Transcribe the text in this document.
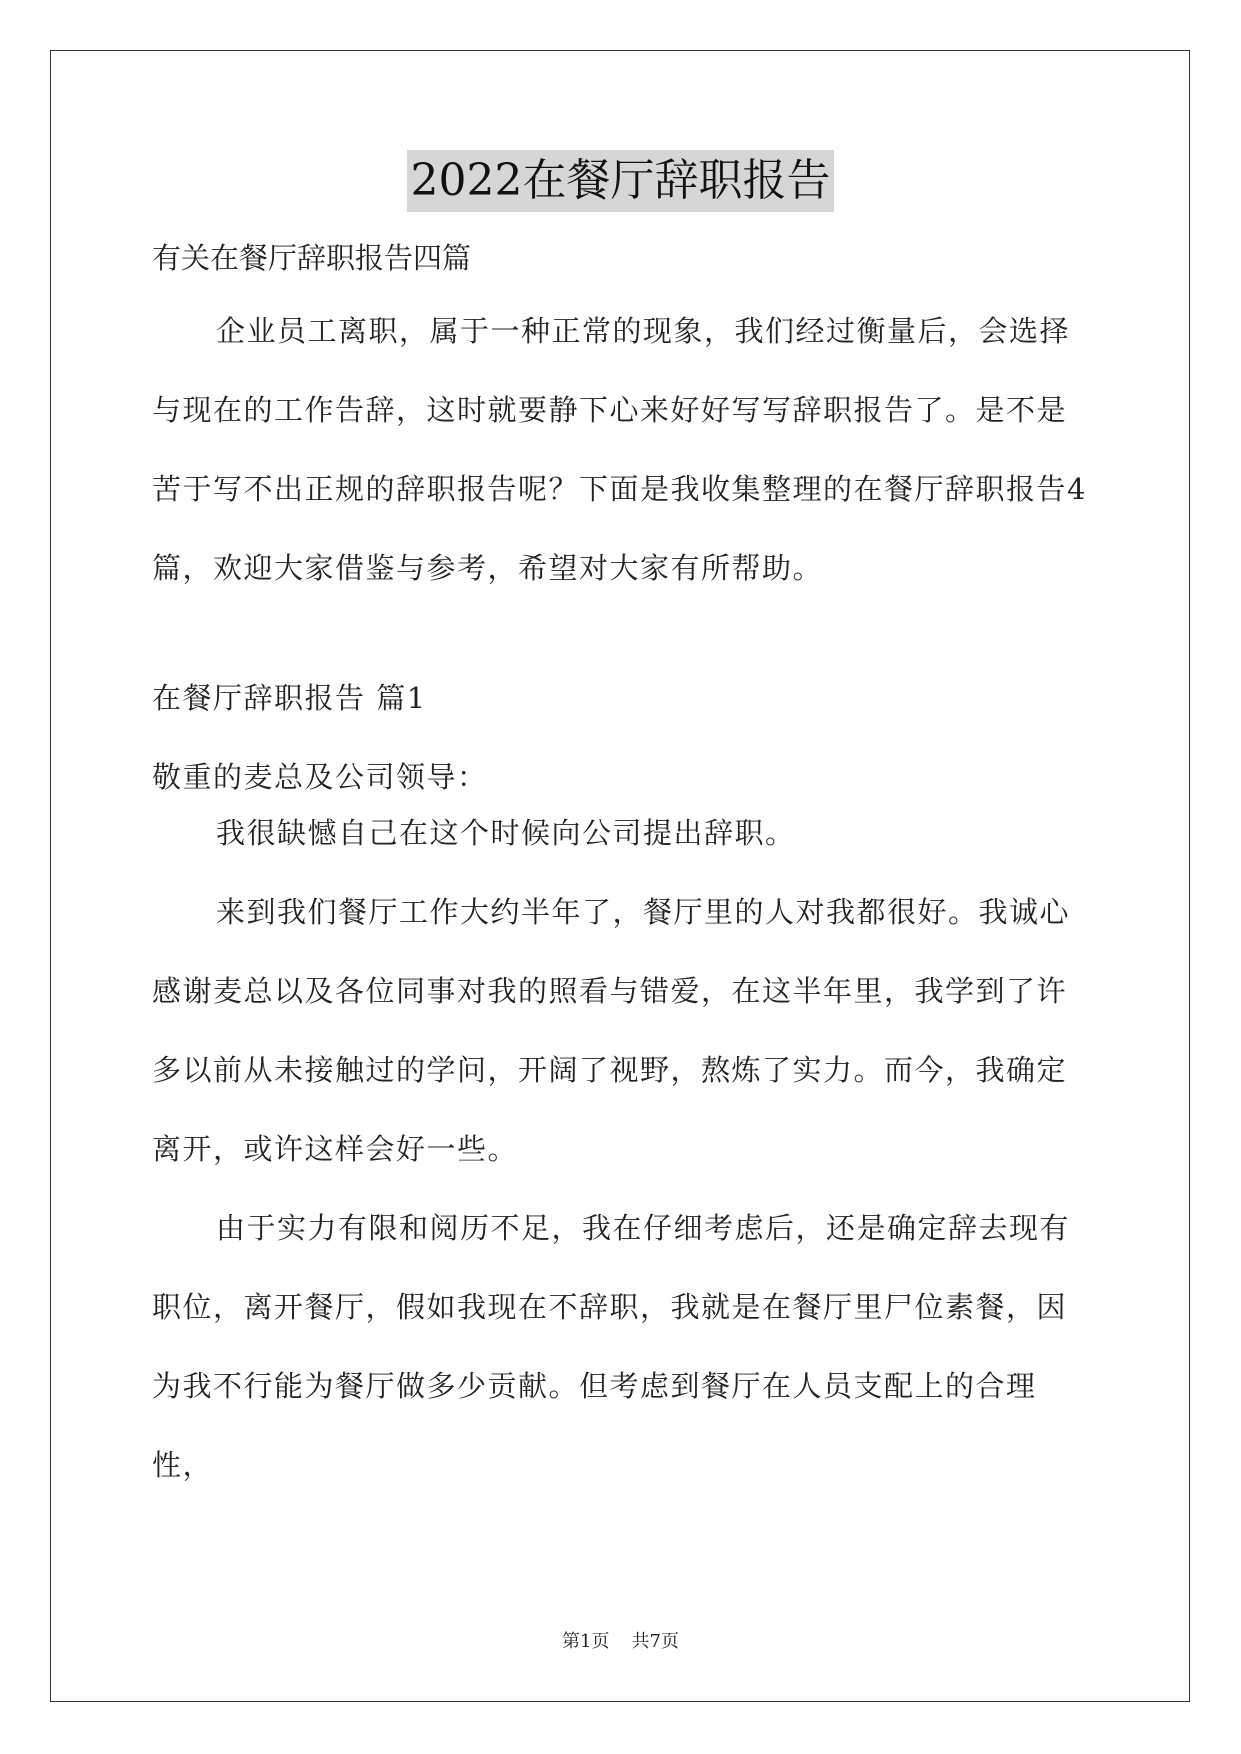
2022在餐厅辞职报告
有关在餐厅辞职报告四篇

企业员工离职，属于一种正常的现象，我们经过衡量后，会选择与现在的工作告辞，这时就要静下心来好好写写辞职报告了。是不是苦于写不出正规的辞职报告呢？下面是我收集整理的在餐厅辞职报告4篇，欢迎大家借鉴与参考，希望对大家有所帮助。

在餐厅辞职报告 篇1
敬重的麦总及公司领导：

我很缺憾自己在这个时候向公司提出辞职。

来到我们餐厅工作大约半年了，餐厅里的人对我都很好。我诚心感谢麦总以及各位同事对我的照看与错爱，在这半年里，我学到了许多以前从未接触过的学问，开阔了视野，熬炼了实力。而今，我确定离开，或许这样会好一些。

由于实力有限和阅历不足，我在仔细考虑后，还是确定辞去现有职位，离开餐厅，假如我现在不辞职，我就是在餐厅里尸位素餐，因为我不行能为餐厅做多少贡献。但考虑到餐厅在人员支配上的合理性，

第1页 共7页
